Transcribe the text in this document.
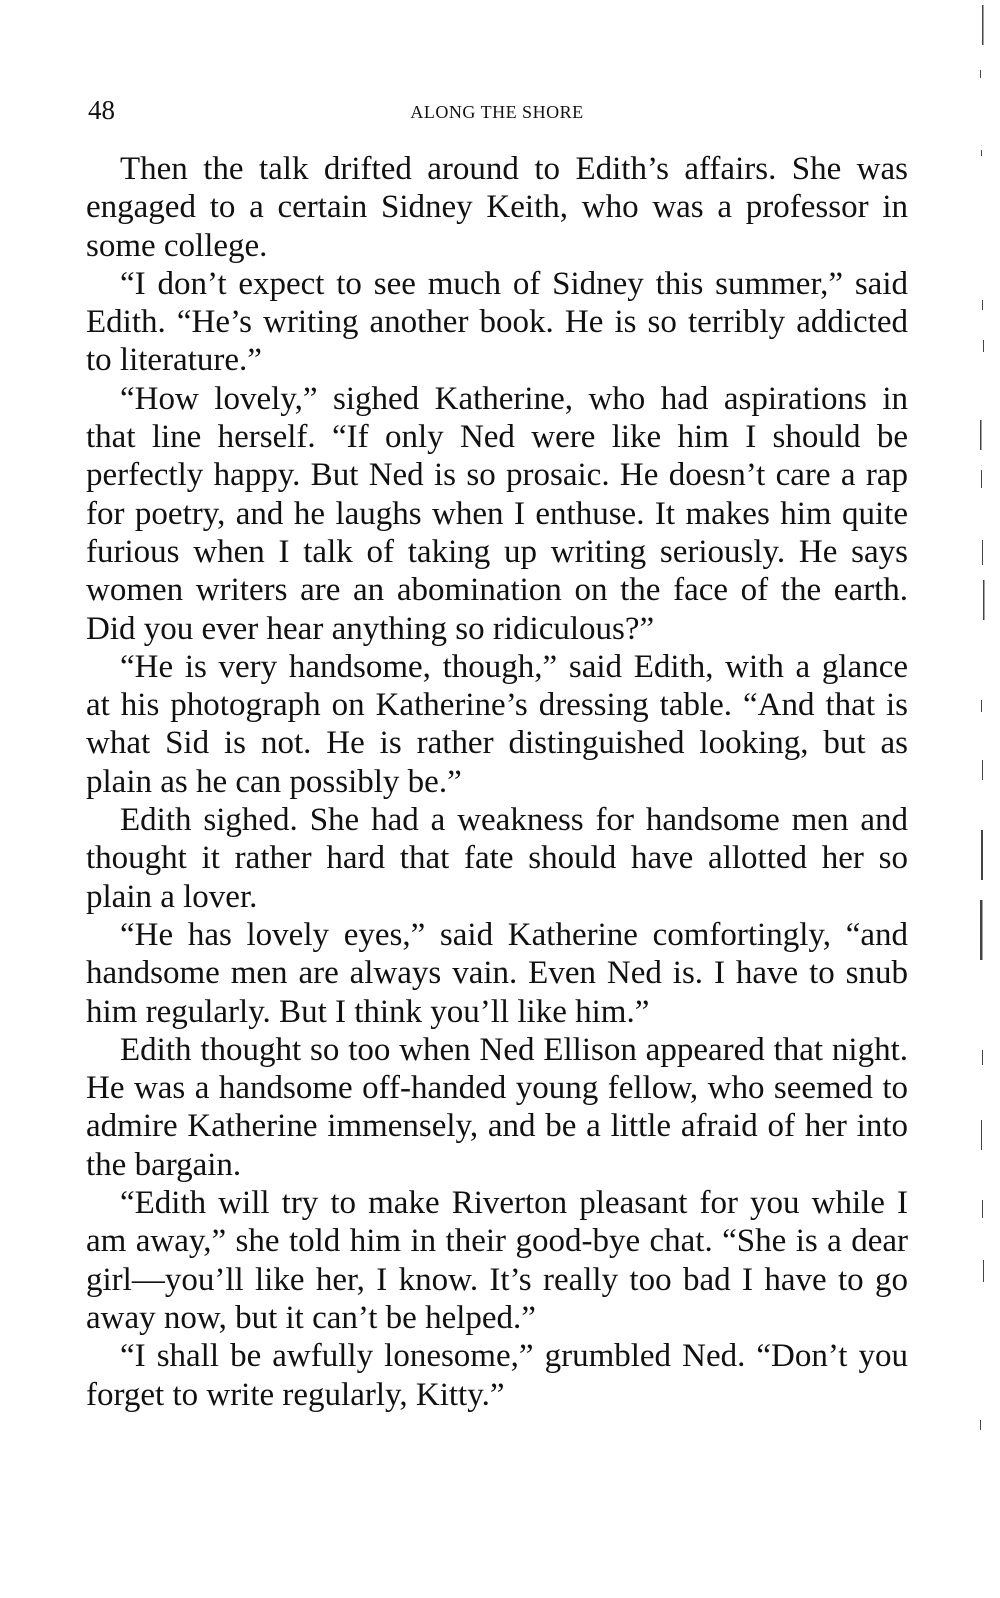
48	ALONG THE SHORE

Then the talk drifted around to Edith’s affairs. She was engaged to a certain Sidney Keith, who was a professor in some college.

“I don’t expect to see much of Sidney this summer,” said Edith. “He’s writing another book. He is so terribly addicted to literature.”

“How lovely,” sighed Katherine, who had aspirations in that line herself. “If only Ned were like him I should be perfectly happy. But Ned is so prosaic. He doesn’t care a rap for poetry, and he laughs when I enthuse. It makes him quite furious when I talk of taking up writing seriously. He says women writers are an abomination on the face of the earth. Did you ever hear anything so ridiculous?”

“He is very handsome, though,” said Edith, with a glance at his photograph on Katherine’s dressing table. “And that is what Sid is not. He is rather distinguished looking, but as plain as he can possibly be.”

Edith sighed. She had a weakness for handsome men and thought it rather hard that fate should have allotted her so plain a lover.

“He has lovely eyes,” said Katherine comfortingly, “and handsome men are always vain. Even Ned is. I have to snub him regularly. But I think you’ll like him.”

Edith thought so too when Ned Ellison appeared that night. He was a handsome off-handed young fellow, who seemed to admire Katherine immensely, and be a little afraid of her into the bargain.

“Edith will try to make Riverton pleasant for you while I am away,” she told him in their good-bye chat. “She is a dear girl—you’ll like her, I know. It’s really too bad I have to go away now, but it can’t be helped.”

“I shall be awfully lonesome,” grumbled Ned. “Don’t you forget to write regularly, Kitty.”
